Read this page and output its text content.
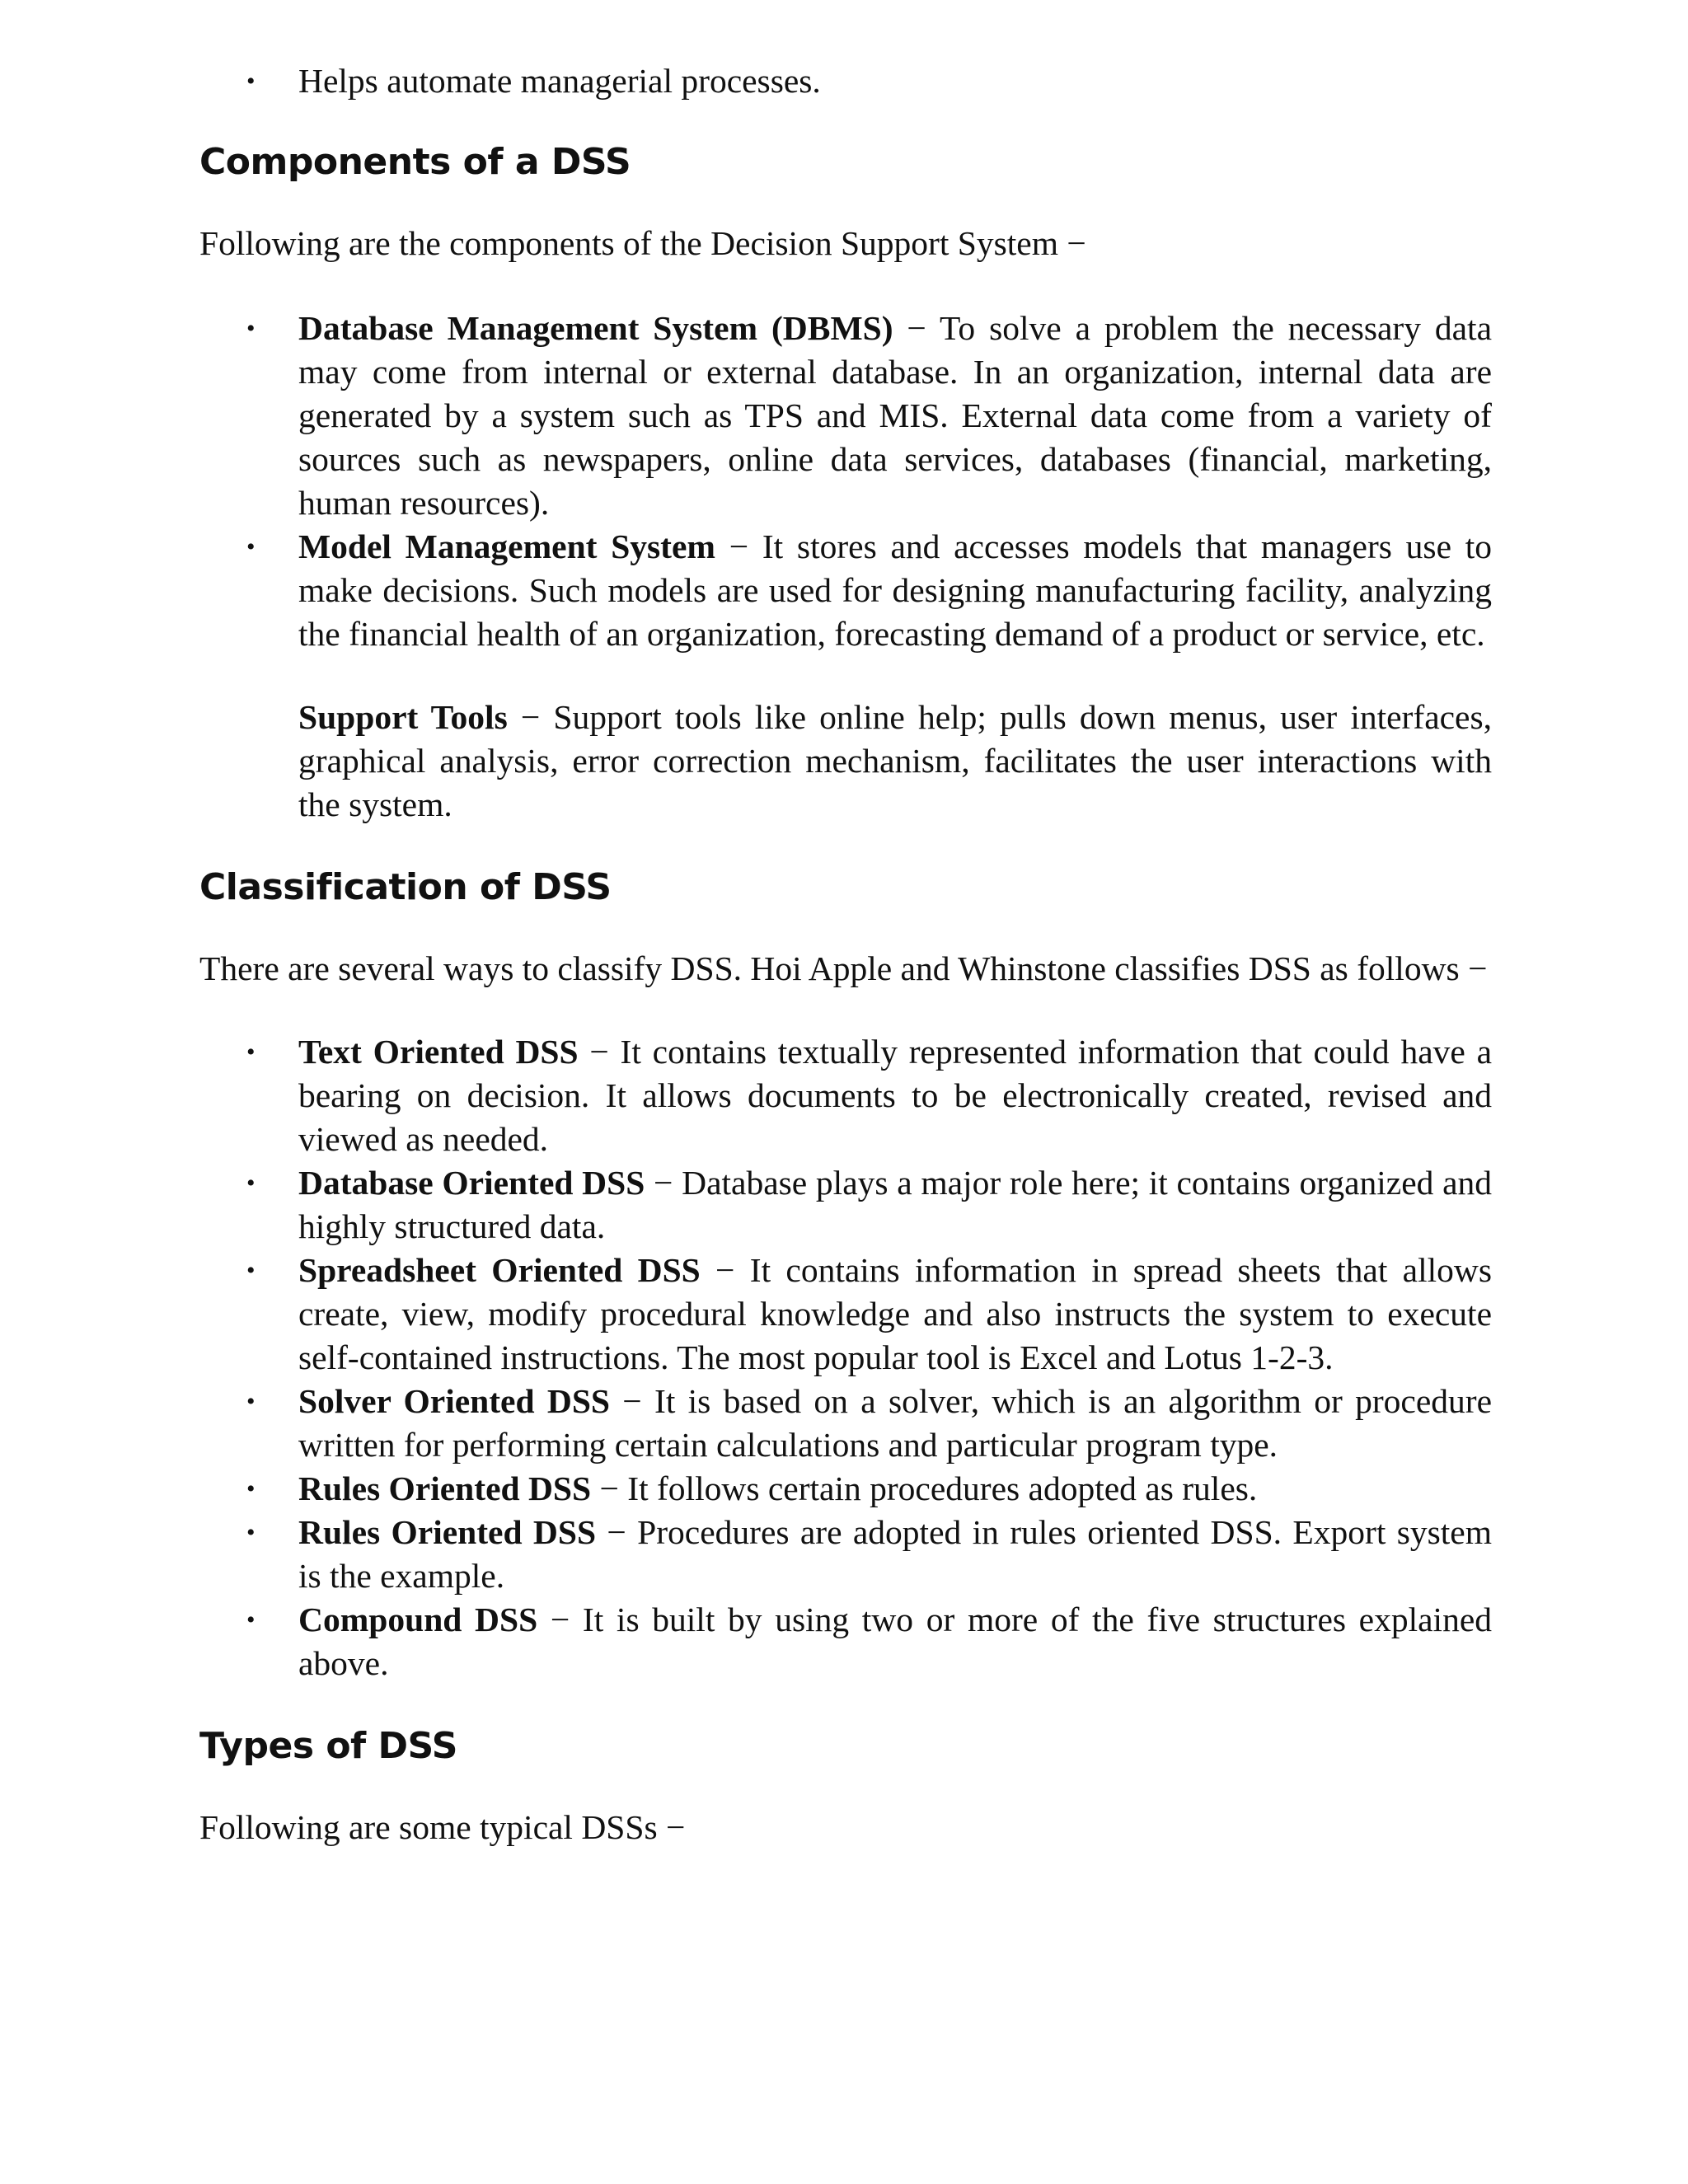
• Helps automate managerial processes.
Components of a DSS

Following are the components of the Decision Support System −

• Database Management System (DBMS) − To solve a problem the necessary data may come from internal or external database. In an organization, internal data are generated by a system such as TPS and MIS. External data come from a variety of sources such as newspapers, online data services, databases (financial, marketing, human resources).
• Model Management System − It stores and accesses models that managers use to make decisions. Such models are used for designing manufacturing facility, analyzing the financial health of an organization, forecasting demand of a product or service, etc.

Support Tools − Support tools like online help; pulls down menus, user interfaces, graphical analysis, error correction mechanism, facilitates the user interactions with the system.

Classification of DSS

There are several ways to classify DSS. Hoi Apple and Whinstone classifies DSS as follows −

• Text Oriented DSS − It contains textually represented information that could have a bearing on decision. It allows documents to be electronically created, revised and viewed as needed.
• Database Oriented DSS − Database plays a major role here; it contains organized and highly structured data.
• Spreadsheet Oriented DSS − It contains information in spread sheets that allows create, view, modify procedural knowledge and also instructs the system to execute self-contained instructions. The most popular tool is Excel and Lotus 1-2-3.
• Solver Oriented DSS − It is based on a solver, which is an algorithm or procedure written for performing certain calculations and particular program type.
• Rules Oriented DSS − It follows certain procedures adopted as rules.
• Rules Oriented DSS − Procedures are adopted in rules oriented DSS. Export system is the example.
• Compound DSS − It is built by using two or more of the five structures explained above.
Types of DSS

Following are some typical DSSs −
